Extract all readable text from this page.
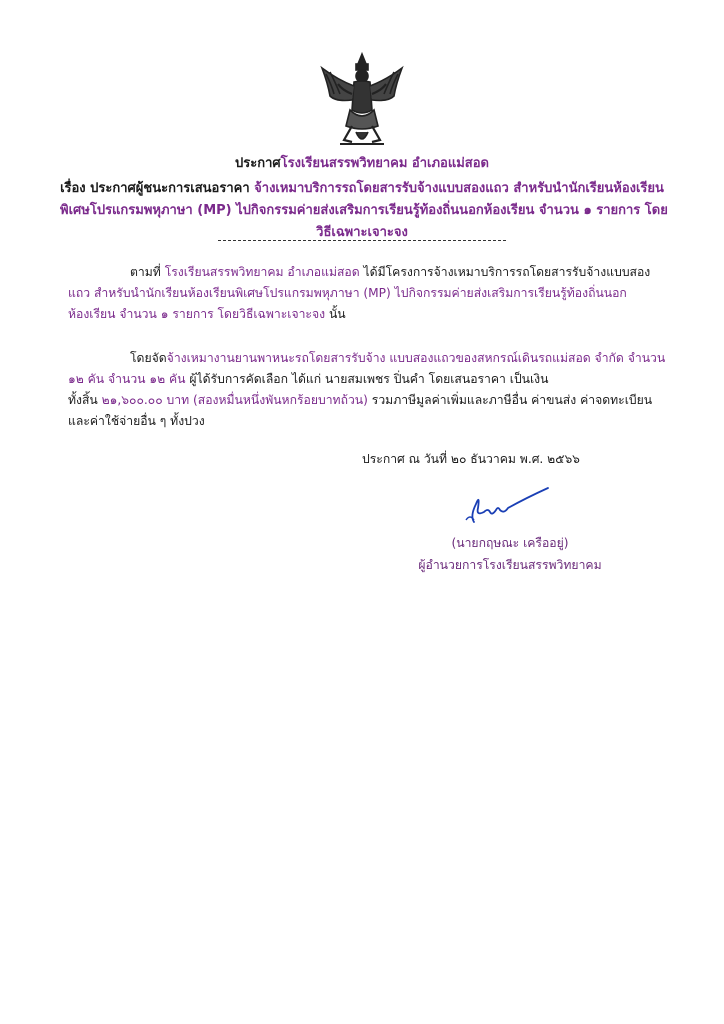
ประกาศโรงเรียนสรรพวิทยาคม อำเภอแม่สอด
เรื่อง ประกาศผู้ชนะการเสนอราคา จ้างเหมาบริการรถโดยสารรับจ้างแบบสองแถว สำหรับนำนักเรียนห้องเรียน
พิเศษโปรแกรมพหุภาษา (MP) ไปกิจกรรมค่ายส่งเสริมการเรียนรู้ท้องถิ่นนอกห้องเรียน จำนวน ๑ รายการ โดย
วิธีเฉพาะเจาะจง
ตามที่ โรงเรียนสรรพวิทยาคม อำเภอแม่สอด ได้มีโครงการจ้างเหมาบริการรถโดยสารรับจ้างแบบสอง
แถว สำหรับนำนักเรียนห้องเรียนพิเศษโปรแกรมพหุภาษา (MP) ไปกิจกรรมค่ายส่งเสริมการเรียนรู้ท้องถิ่นนอก
ห้องเรียน จำนวน ๑ รายการ โดยวิธีเฉพาะเจาะจง นั้น
โดยจัดจ้างเหมางานยานพาหนะรถโดยสารรับจ้าง แบบสองแถวของสหกรณ์เดินรถแม่สอด จำกัด จำนวน
๑๒ คัน จำนวน ๑๒ คัน ผู้ได้รับการคัดเลือก ได้แก่ นายสมเพชร ปิ่นคำ โดยเสนอราคา เป็นเงิน
ทั้งสิ้น ๒๑,๖๐๐.๐๐ บาท (สองหมื่นหนึ่งพันหกร้อยบาทถ้วน) รวมภาษีมูลค่าเพิ่มและภาษีอื่น ค่าขนส่ง ค่าจดทะเบียน
และค่าใช้จ่ายอื่น ๆ ทั้งปวง
ประกาศ ณ วันที่ ๒๐ ธันวาคม พ.ศ. ๒๕๖๖
(นายกฤษณะ เครืออยู่)
ผู้อำนวยการโรงเรียนสรรพวิทยาคม
